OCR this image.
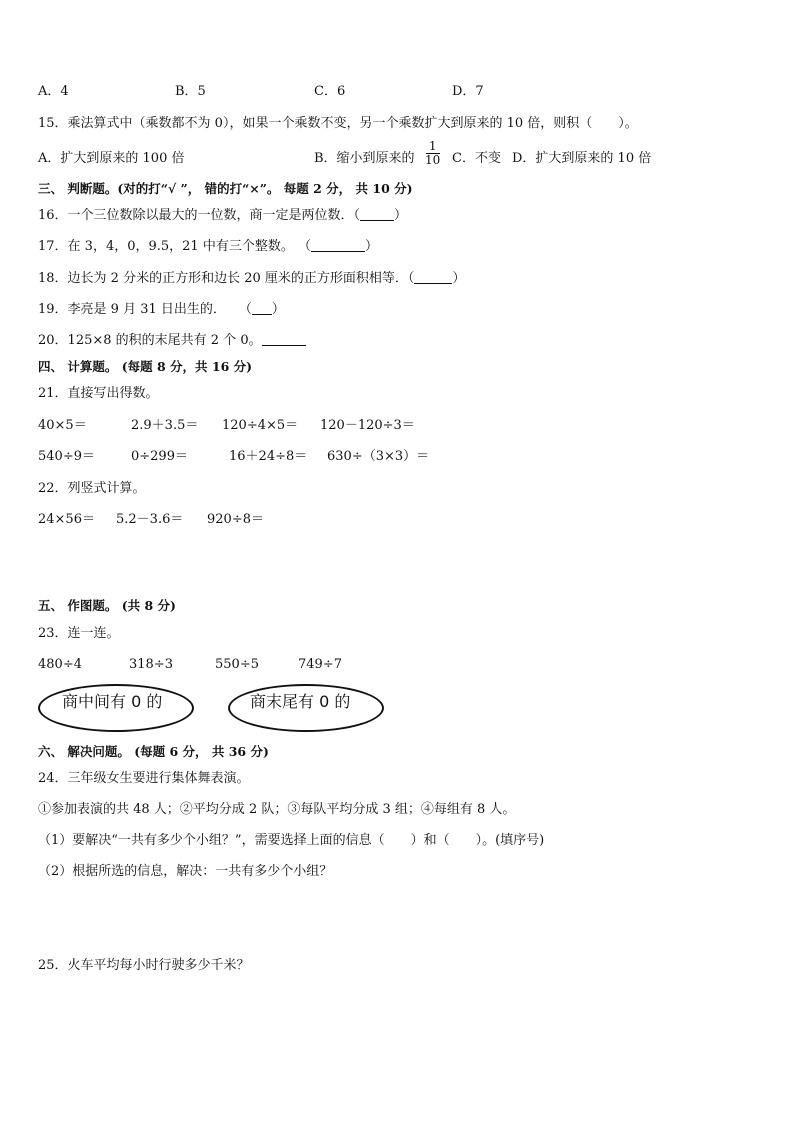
A．4	B．5	C．6	D．7
15．乘法算式中（乘数都不为 0），如果一个乘数不变，另一个乘数扩大到原来的 10 倍，则积（　　）。
A．扩大到原来的 100 倍	B．缩小到原来的
1
10 C．不变 D．扩大到原来的 10 倍
三、 判断题。(对的打“√ ”， 错的打“×”。 每题 2 分， 共 10 分)
16．一个三位数除以最大的一位数，商一定是两位数．（	）
17．在 3，4，0，9.5，21 中有三个整数。 （	）
18．边长为 2 分米的正方形和边长 20 厘米的正方形面积相等．（	）
19．李亮是 9 月 31 日出生的．　　（ ）
20．125×8 的积的末尾共有 2 个 0。
四、 计算题。 (每题 8 分，共 16 分)
21．直接写出得数。
40×5＝	2.9＋3.5＝ 120÷4×5＝ 120－120÷3＝
540÷9＝	0÷299＝	16＋24÷8＝ 630÷（3×3）＝
22．列竖式计算。
24×56＝ 5.2－3.6＝ 920÷8＝
五、 作图题。 (共 8 分)
23．连一连。
480÷4	318÷3	550÷5	749÷7
商中间有 0 的	商末尾有 0 的
六、 解决问题。 (每题 6 分， 共 36 分)
24．三年级女生要进行集体舞表演。
①参加表演的共 48 人；②平均分成 2 队；③每队平均分成 3 组；④每组有 8 人。
（1）要解决“一共有多少个小组？”，需要选择上面的信息（　　）和（　　）。(填序号)
（2）根据所选的信息，解决：一共有多少个小组？
25．火车平均每小时行驶多少千米？
